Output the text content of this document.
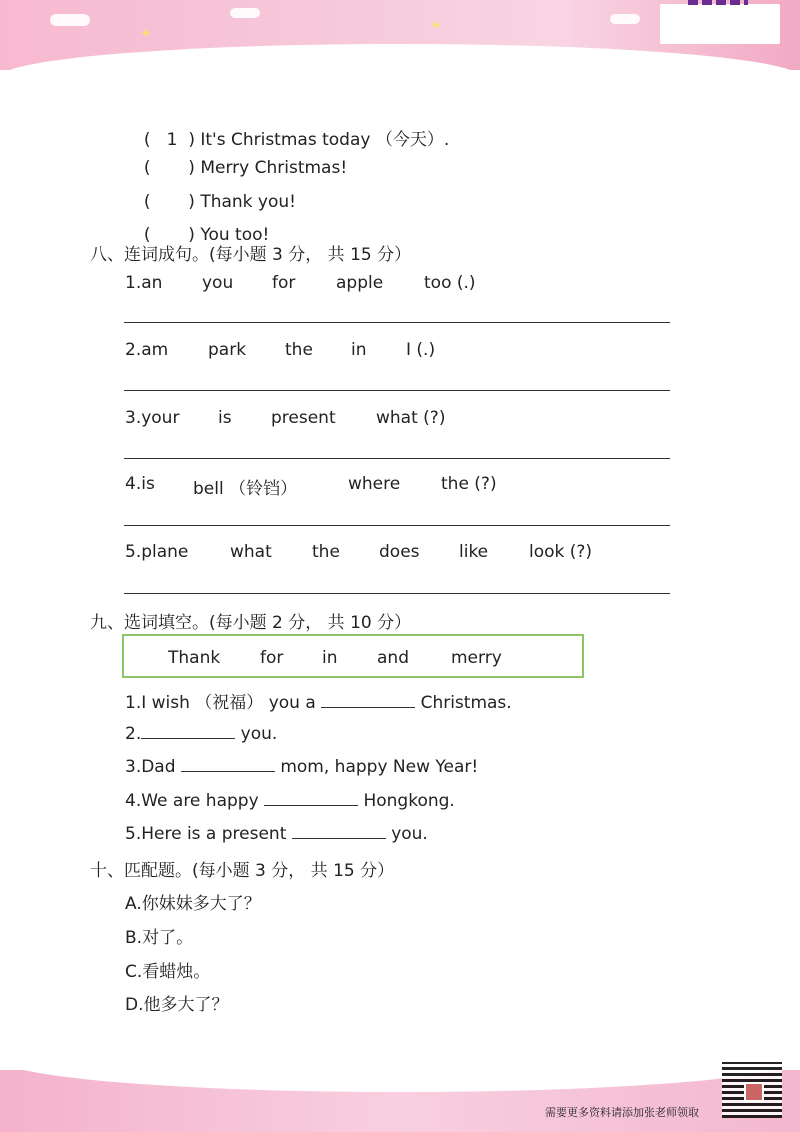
✦	✦

( 1 ) It's Christmas today （今天）.

( ) Merry Christmas!

( ) Thank you!

( ) You too!

八、连词成句。(每小题 3 分， 共 15 分）
1.an you for apple too (.)
2.am park the in I (.)
3.your is present what (?)
4.is bell （铃铛）	where the (?)
5.plane what the does like look (?)
九、选词填空。(每小题 2 分， 共 10 分）
Thank for in and merry
1.I wish （祝福） you a	Christmas.
2.	you.
3.Dad	mom, happy New Year!
4.We are happy	Hongkong.
5.Here is a present	you.
十、匹配题。(每小题 3 分， 共 15 分）
A.你妹妹多大了？
B.对了。
C.看蜡烛。
D.他多大了？
需要更多资料请添加张老师领取
